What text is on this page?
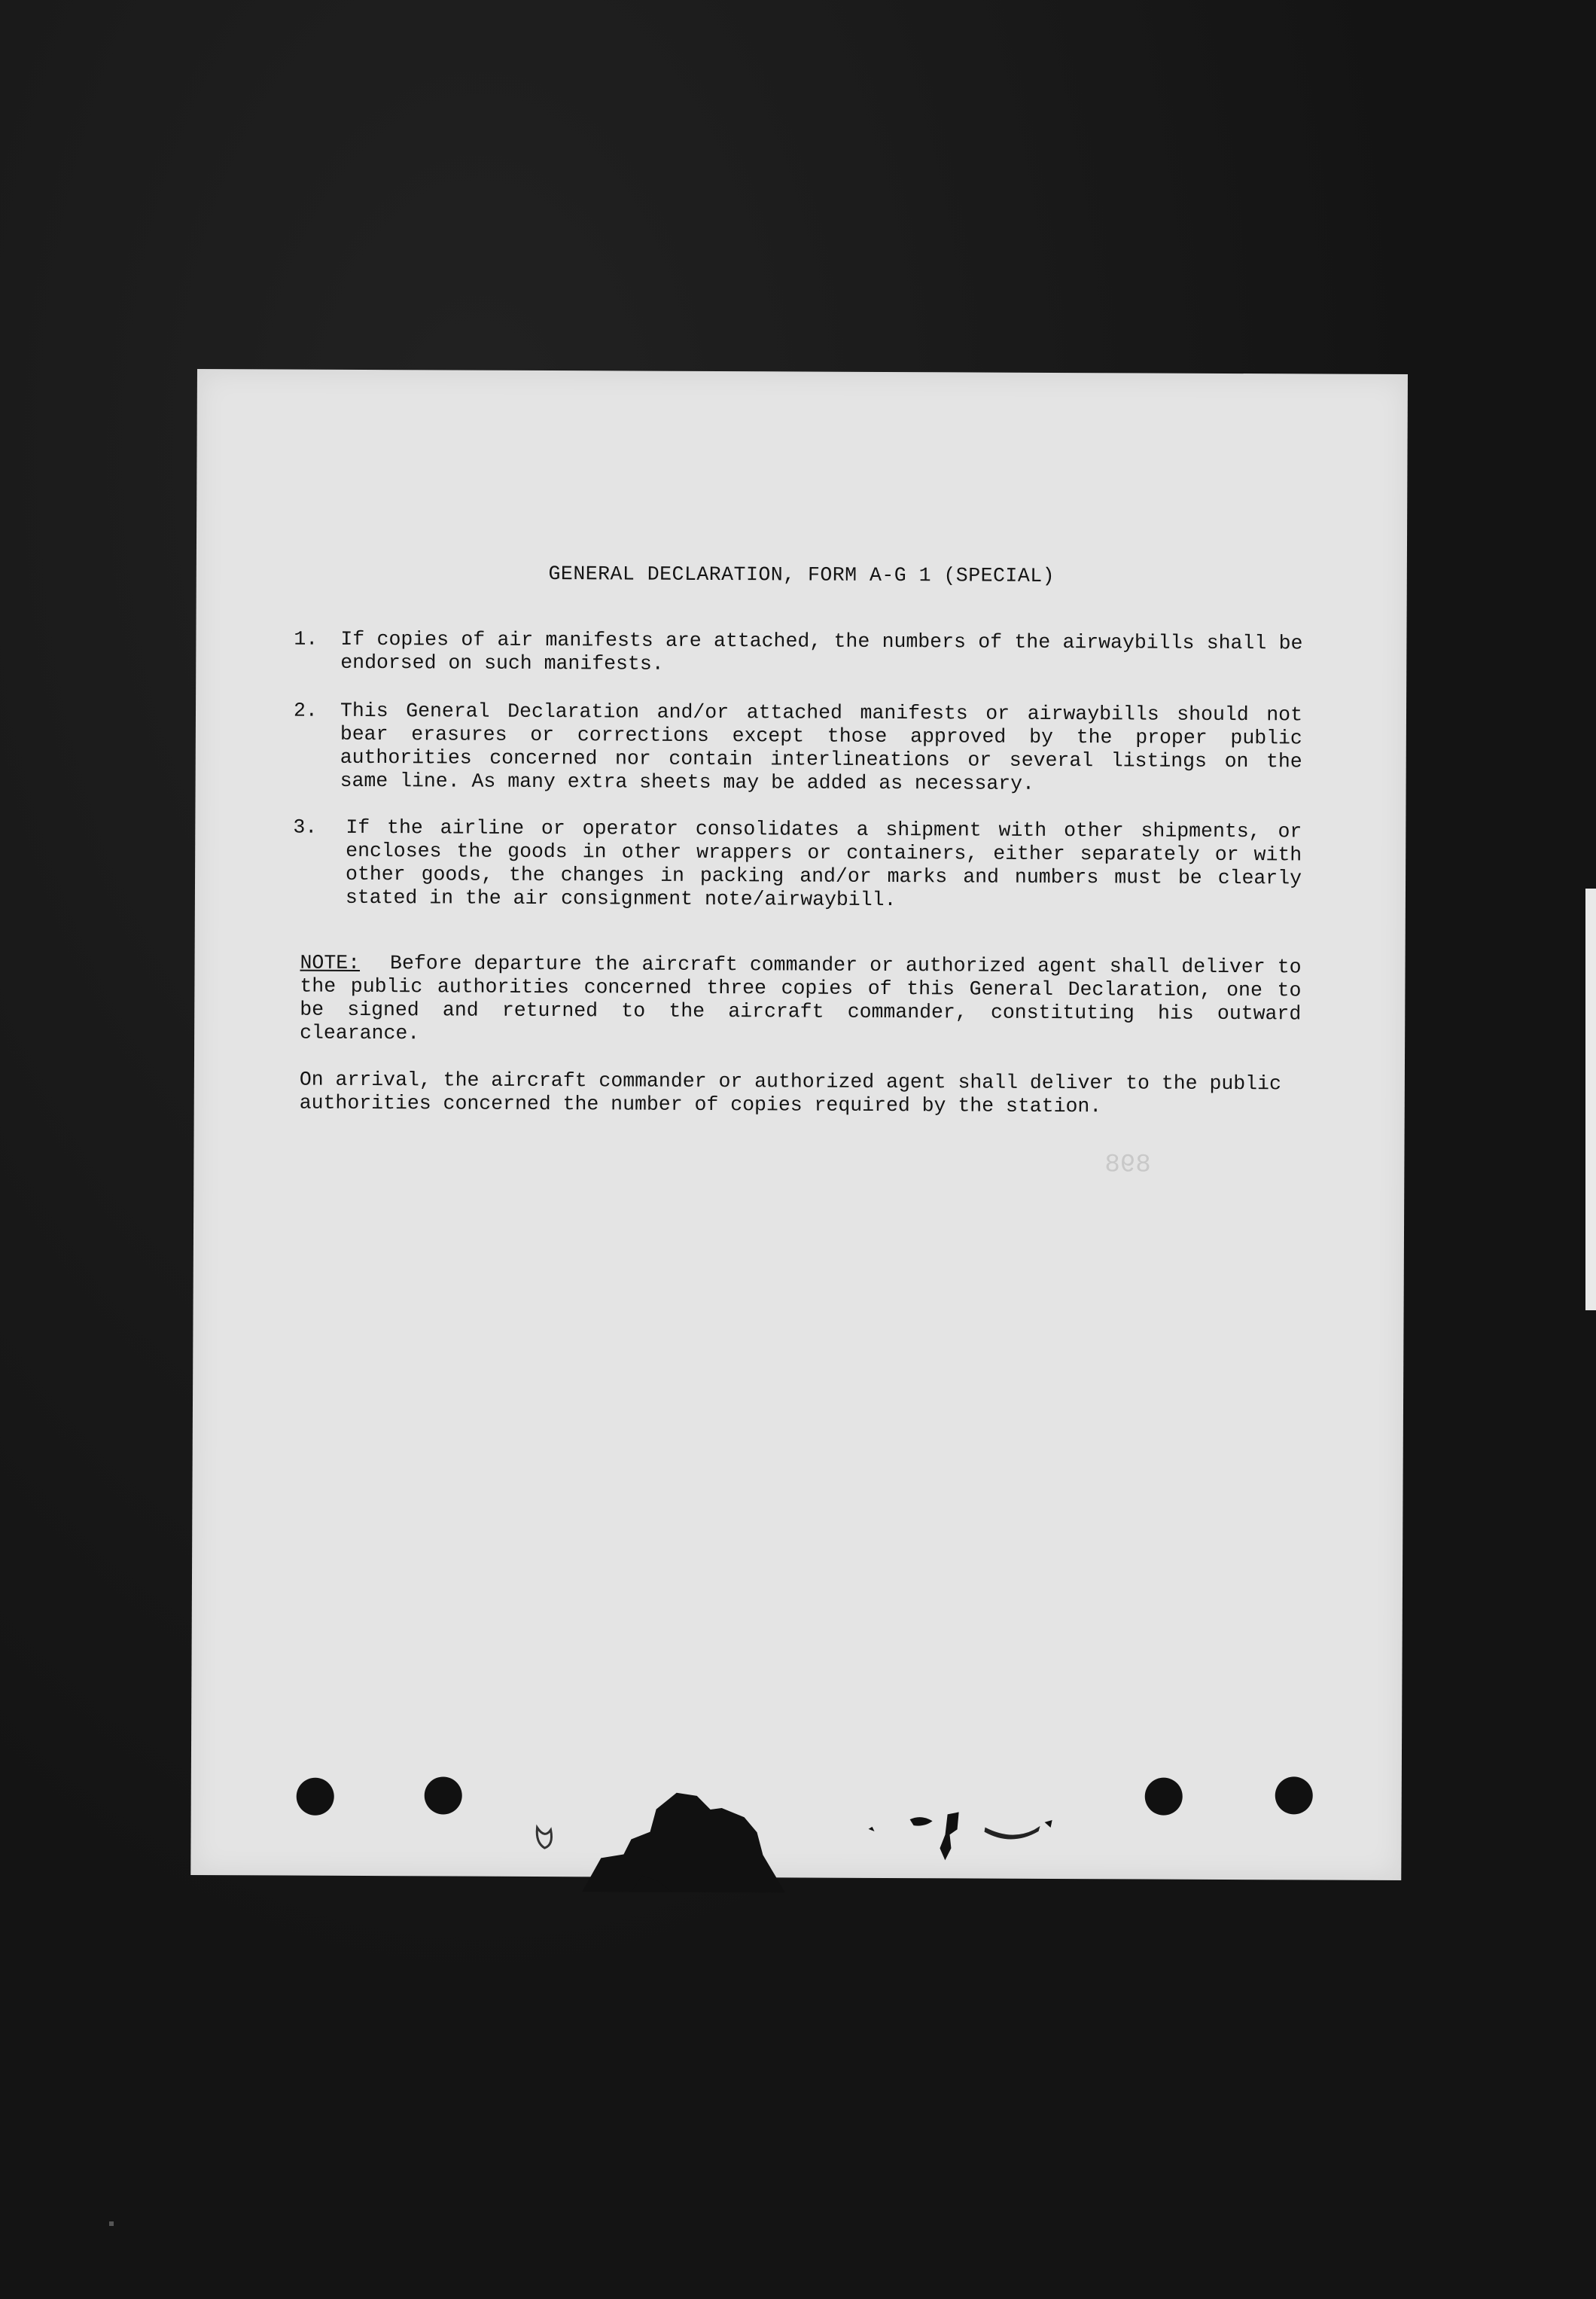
GENERAL DECLARATION, FORM A-G 1 (SPECIAL)
1.	If copies of air manifests are attached, the numbers of the airwaybills shall be endorsed on such manifests.
2.	This General Declaration and/or attached manifests or airwaybills should not bear erasures or corrections except those approved by the proper public authorities concerned nor contain interlineations or several listings on the same line. As many extra sheets may be added as necessary.
3.	If the airline or operator consolidates a shipment with other shipments, or encloses the goods in other wrappers or containers, either separately or with other goods, the changes in packing and/or marks and numbers must be clearly stated in the air consignment note/airwaybill.
NOTE: Before departure the aircraft commander or authorized agent shall deliver to the public authorities concerned three copies of this General Declaration, one to be signed and returned to the aircraft commander, constituting his outward clearance.
On arrival, the aircraft commander or authorized agent shall deliver to the public authorities concerned the number of copies required by the station.
898
